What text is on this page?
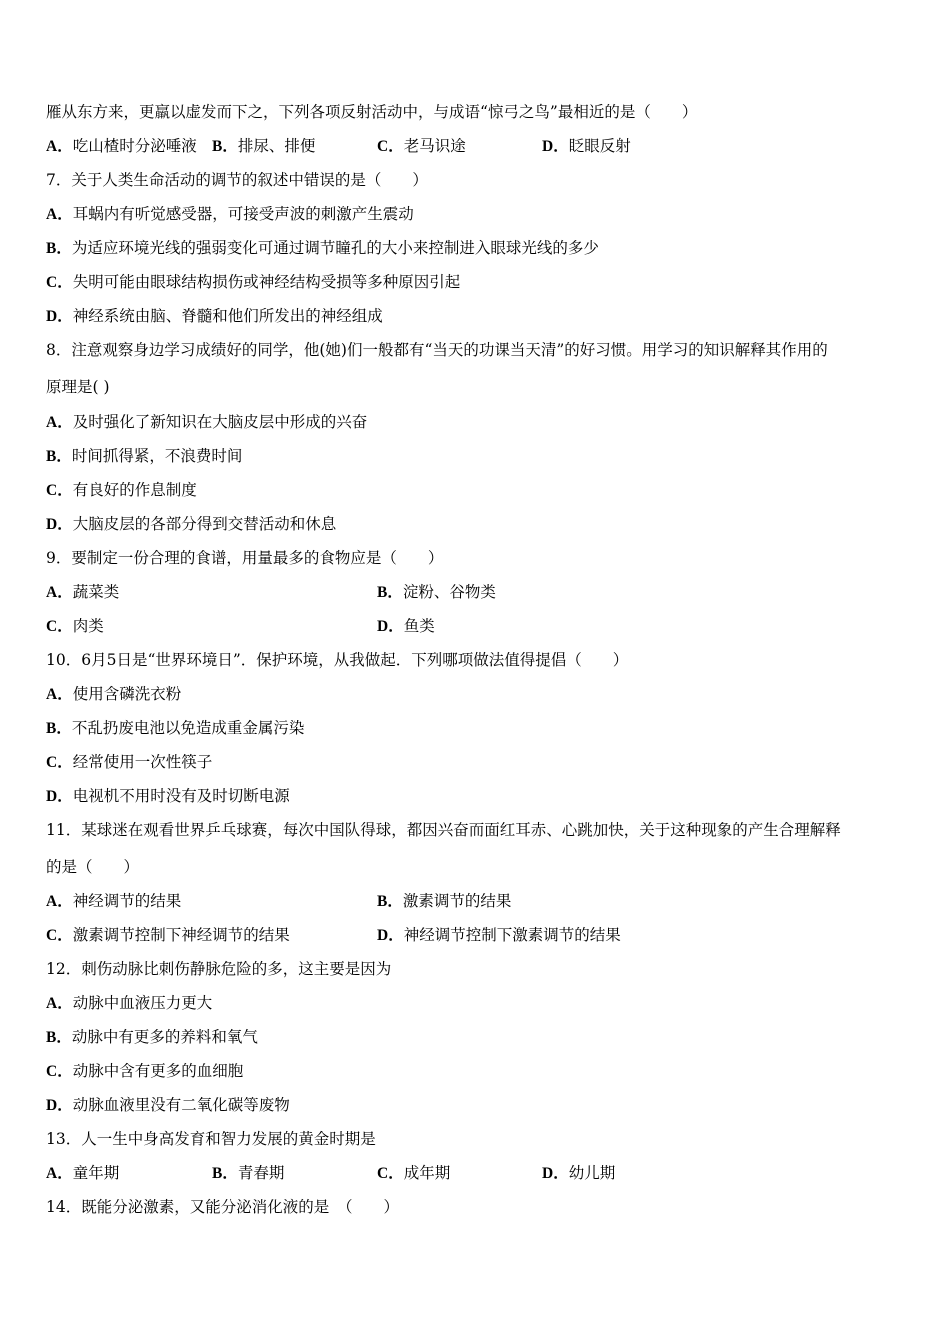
雁从东方来，更羸以虚发而下之，下列各项反射活动中，与成语“惊弓之鸟”最相近的是（　　）
A．吃山楂时分泌唾液 B．排尿、排便	C．老马识途	D．眨眼反射
7．关于人类生命活动的调节的叙述中错误的是（　　）
A．耳蜗内有听觉感受器，可接受声波的刺激产生震动
B．为适应环境光线的强弱变化可通过调节瞳孔的大小来控制进入眼球光线的多少
C．失明可能由眼球结构损伤或神经结构受损等多种原因引起
D．神经系统由脑、脊髓和他们所发出的神经组成
8．注意观察身边学习成绩好的同学，他(她)们一般都有“当天的功课当天清”的好习惯。用学习的知识解释其作用的
原理是( )
A．及时强化了新知识在大脑皮层中形成的兴奋
B．时间抓得紧，不浪费时间
C．有良好的作息制度
D．大脑皮层的各部分得到交替活动和休息
9．要制定一份合理的食谱，用量最多的食物应是（　　）
A．蔬菜类	B．淀粉、谷物类
C．肉类	D．鱼类
10．6月5日是“世界环境日”．保护环境，从我做起．下列哪项做法值得提倡（　　）
A．使用含磷洗衣粉
B．不乱扔废电池以免造成重金属污染
C．经常使用一次性筷子
D．电视机不用时没有及时切断电源
11．某球迷在观看世界乒乓球赛，每次中国队得球，都因兴奋而面红耳赤、心跳加快，关于这种现象的产生合理解释
的是（　　）
A．神经调节的结果	B．激素调节的结果
C．激素调节控制下神经调节的结果	D．神经调节控制下激素调节的结果
12．刺伤动脉比刺伤静脉危险的多，这主要是因为
A．动脉中血液压力更大
B．动脉中有更多的养料和氧气
C．动脉中含有更多的血细胞
D．动脉血液里没有二氧化碳等废物
13．人一生中身高发育和智力发展的黄金时期是
A．童年期	B．青春期	C．成年期	D．幼儿期
14．既能分泌激素，又能分泌消化液的是　（　　）
